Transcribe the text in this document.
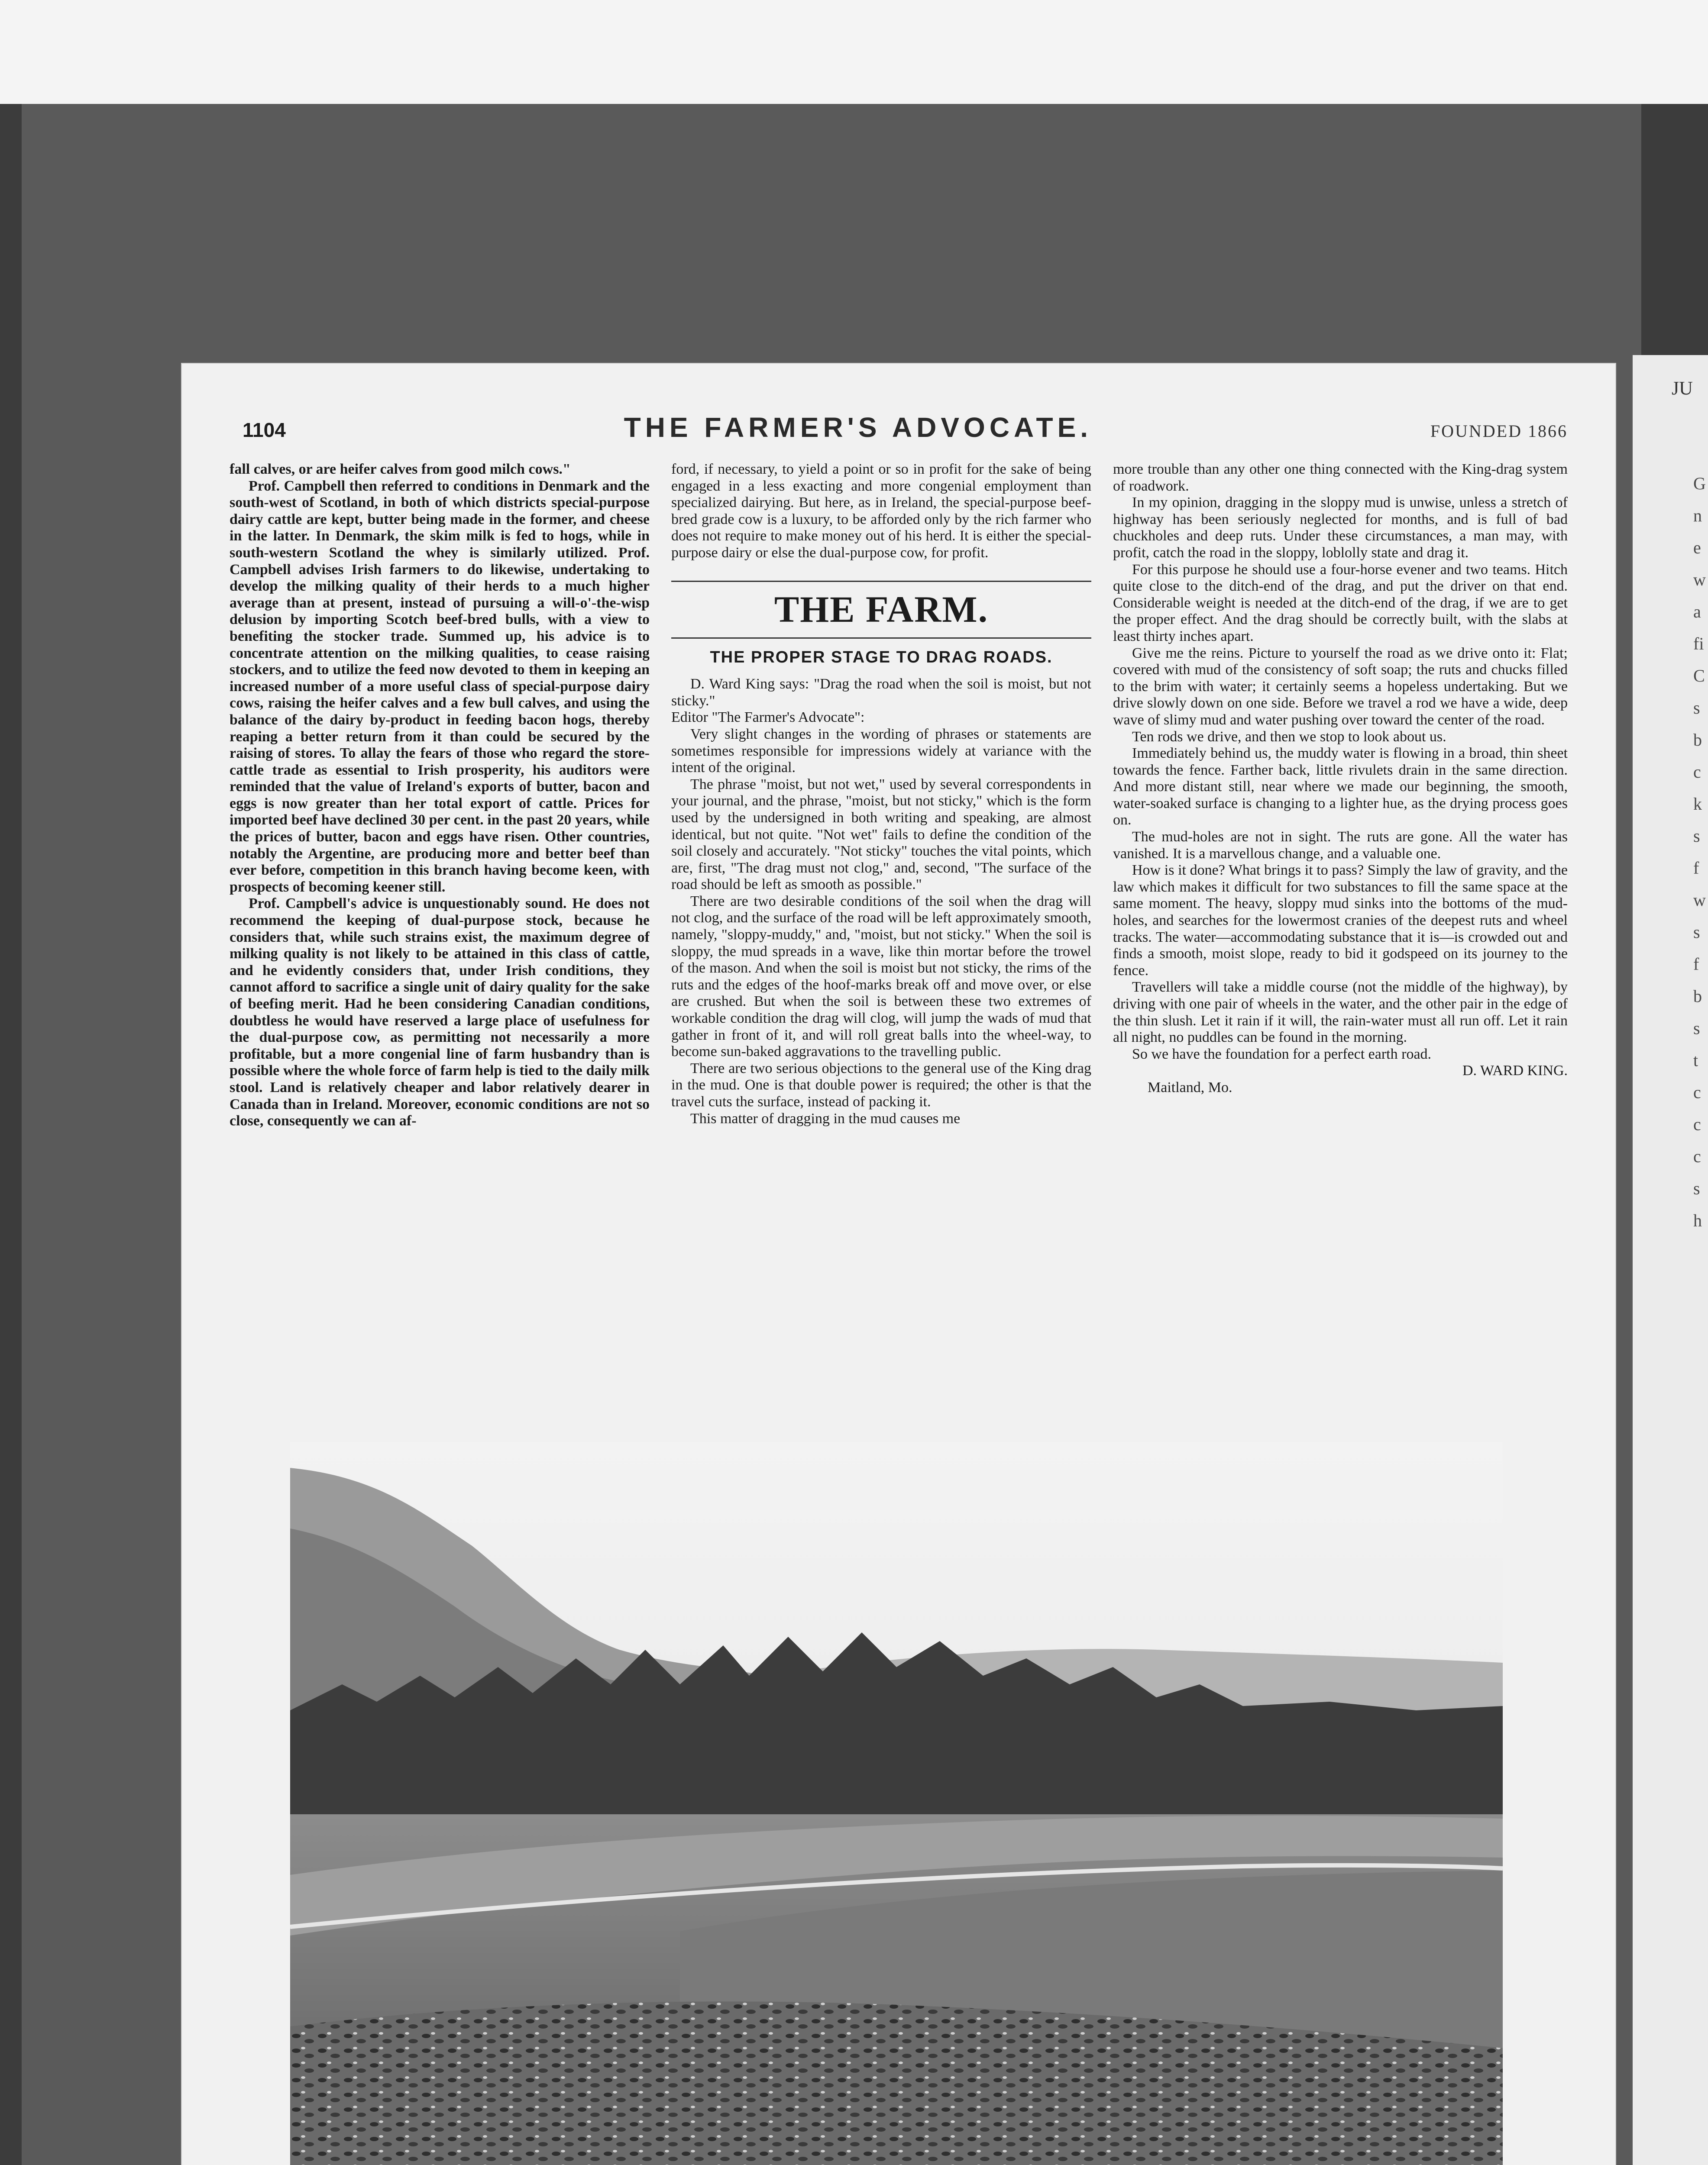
JU
G
n
e
w
a
fi
C
s
b
c
k
s
f
w
s
f
b
s
t
c
c
c
s
h
1104	THE FARMER'S ADVOCATE.	FOUNDED 1866

fall calves, or are heifer calves from good milch cows."

Prof. Campbell then referred to conditions in Denmark and the south-west of Scotland, in both of which districts special-purpose dairy cattle are kept, butter being made in the former, and cheese in the latter. In Denmark, the skim milk is fed to hogs, while in south-western Scotland the whey is similarly utilized. Prof. Campbell advises Irish farmers to do likewise, undertaking to develop the milking quality of their herds to a much higher average than at present, instead of pursuing a will-o'-the-wisp delusion by importing Scotch beef-bred bulls, with a view to benefiting the stocker trade. Summed up, his advice is to concentrate attention on the milking qualities, to cease raising stockers, and to utilize the feed now devoted to them in keeping an increased number of a more useful class of special-purpose dairy cows, raising the heifer calves and a few bull calves, and using the balance of the dairy by-product in feeding bacon hogs, thereby reaping a better return from it than could be secured by the raising of stores. To allay the fears of those who regard the store-cattle trade as essential to Irish prosperity, his auditors were reminded that the value of Ireland's exports of butter, bacon and eggs is now greater than her total export of cattle. Prices for imported beef have declined 30 per cent. in the past 20 years, while the prices of butter, bacon and eggs have risen. Other countries, notably the Argentine, are producing more and better beef than ever before, competition in this branch having become keen, with prospects of becoming keener still.

Prof. Campbell's advice is unquestionably sound. He does not recommend the keeping of dual-purpose stock, because he considers that, while such strains exist, the maximum degree of milking quality is not likely to be attained in this class of cattle, and he evidently considers that, under Irish conditions, they cannot afford to sacrifice a single unit of dairy quality for the sake of beefing merit. Had he been considering Canadian conditions, doubtless he would have reserved a large place of usefulness for the dual-purpose cow, as permitting not necessarily a more profitable, but a more congenial line of farm husbandry than is possible where the whole force of farm help is tied to the daily milk stool. Land is relatively cheaper and labor relatively dearer in Canada than in Ireland. Moreover, economic conditions are not so close, consequently we can af-

ford, if necessary, to yield a point or so in profit for the sake of being engaged in a less exacting and more congenial employment than specialized dairying. But here, as in Ireland, the special-purpose beef-bred grade cow is a luxury, to be afforded only by the rich farmer who does not require to make money out of his herd. It is either the special-purpose dairy or else the dual-purpose cow, for profit.

THE FARM.
THE PROPER STAGE TO DRAG ROADS.

D. Ward King says: "Drag the road when the soil is moist, but not sticky."

Editor "The Farmer's Advocate":

Very slight changes in the wording of phrases or statements are sometimes responsible for impressions widely at variance with the intent of the original.

The phrase "moist, but not wet," used by several correspondents in your journal, and the phrase, "moist, but not sticky," which is the form used by the undersigned in both writing and speaking, are almost identical, but not quite. "Not wet" fails to define the condition of the soil closely and accurately. "Not sticky" touches the vital points, which are, first, "The drag must not clog," and, second, "The surface of the road should be left as smooth as possible."

There are two desirable conditions of the soil when the drag will not clog, and the surface of the road will be left approximately smooth, namely, "sloppy-muddy," and, "moist, but not sticky." When the soil is sloppy, the mud spreads in a wave, like thin mortar before the trowel of the mason. And when the soil is moist but not sticky, the rims of the ruts and the edges of the hoof-marks break off and move over, or else are crushed. But when the soil is between these two extremes of workable condition the drag will clog, will jump the wads of mud that gather in front of it, and will roll great balls into the wheel-way, to become sun-baked aggravations to the travelling public.

There are two serious objections to the general use of the King drag in the mud. One is that double power is required; the other is that the travel cuts the surface, instead of packing it.

This matter of dragging in the mud causes me

more trouble than any other one thing connected with the King-drag system of roadwork.

In my opinion, dragging in the sloppy mud is unwise, unless a stretch of highway has been seriously neglected for months, and is full of bad chuckholes and deep ruts. Under these circumstances, a man may, with profit, catch the road in the sloppy, loblolly state and drag it.

For this purpose he should use a four-horse evener and two teams. Hitch quite close to the ditch-end of the drag, and put the driver on that end. Considerable weight is needed at the ditch-end of the drag, if we are to get the proper effect. And the drag should be correctly built, with the slabs at least thirty inches apart.

Give me the reins. Picture to yourself the road as we drive onto it: Flat; covered with mud of the consistency of soft soap; the ruts and chucks filled to the brim with water; it certainly seems a hopeless undertaking. But we drive slowly down on one side. Before we travel a rod we have a wide, deep wave of slimy mud and water pushing over toward the center of the road.

Ten rods we drive, and then we stop to look about us.

Immediately behind us, the muddy water is flowing in a broad, thin sheet towards the fence. Farther back, little rivulets drain in the same direction. And more distant still, near where we made our beginning, the smooth, water-soaked surface is changing to a lighter hue, as the drying process goes on.

The mud-holes are not in sight. The ruts are gone. All the water has vanished. It is a marvellous change, and a valuable one.

How is it done? What brings it to pass? Simply the law of gravity, and the law which makes it difficult for two substances to fill the same space at the same moment. The heavy, sloppy mud sinks into the bottoms of the mud-holes, and searches for the lowermost cranies of the deepest ruts and wheel tracks. The water—accommodating substance that it is—is crowded out and finds a smooth, moist slope, ready to bid it godspeed on its journey to the fence.

Travellers will take a middle course (not the middle of the highway), by driving with one pair of wheels in the water, and the other pair in the edge of the thin slush. Let it rain if it will, the rain-water must all run off. Let it rain all night, no puddles can be found in the morning.

So we have the foundation for a perfect earth road.

D. WARD KING.

Maitland, Mo.
